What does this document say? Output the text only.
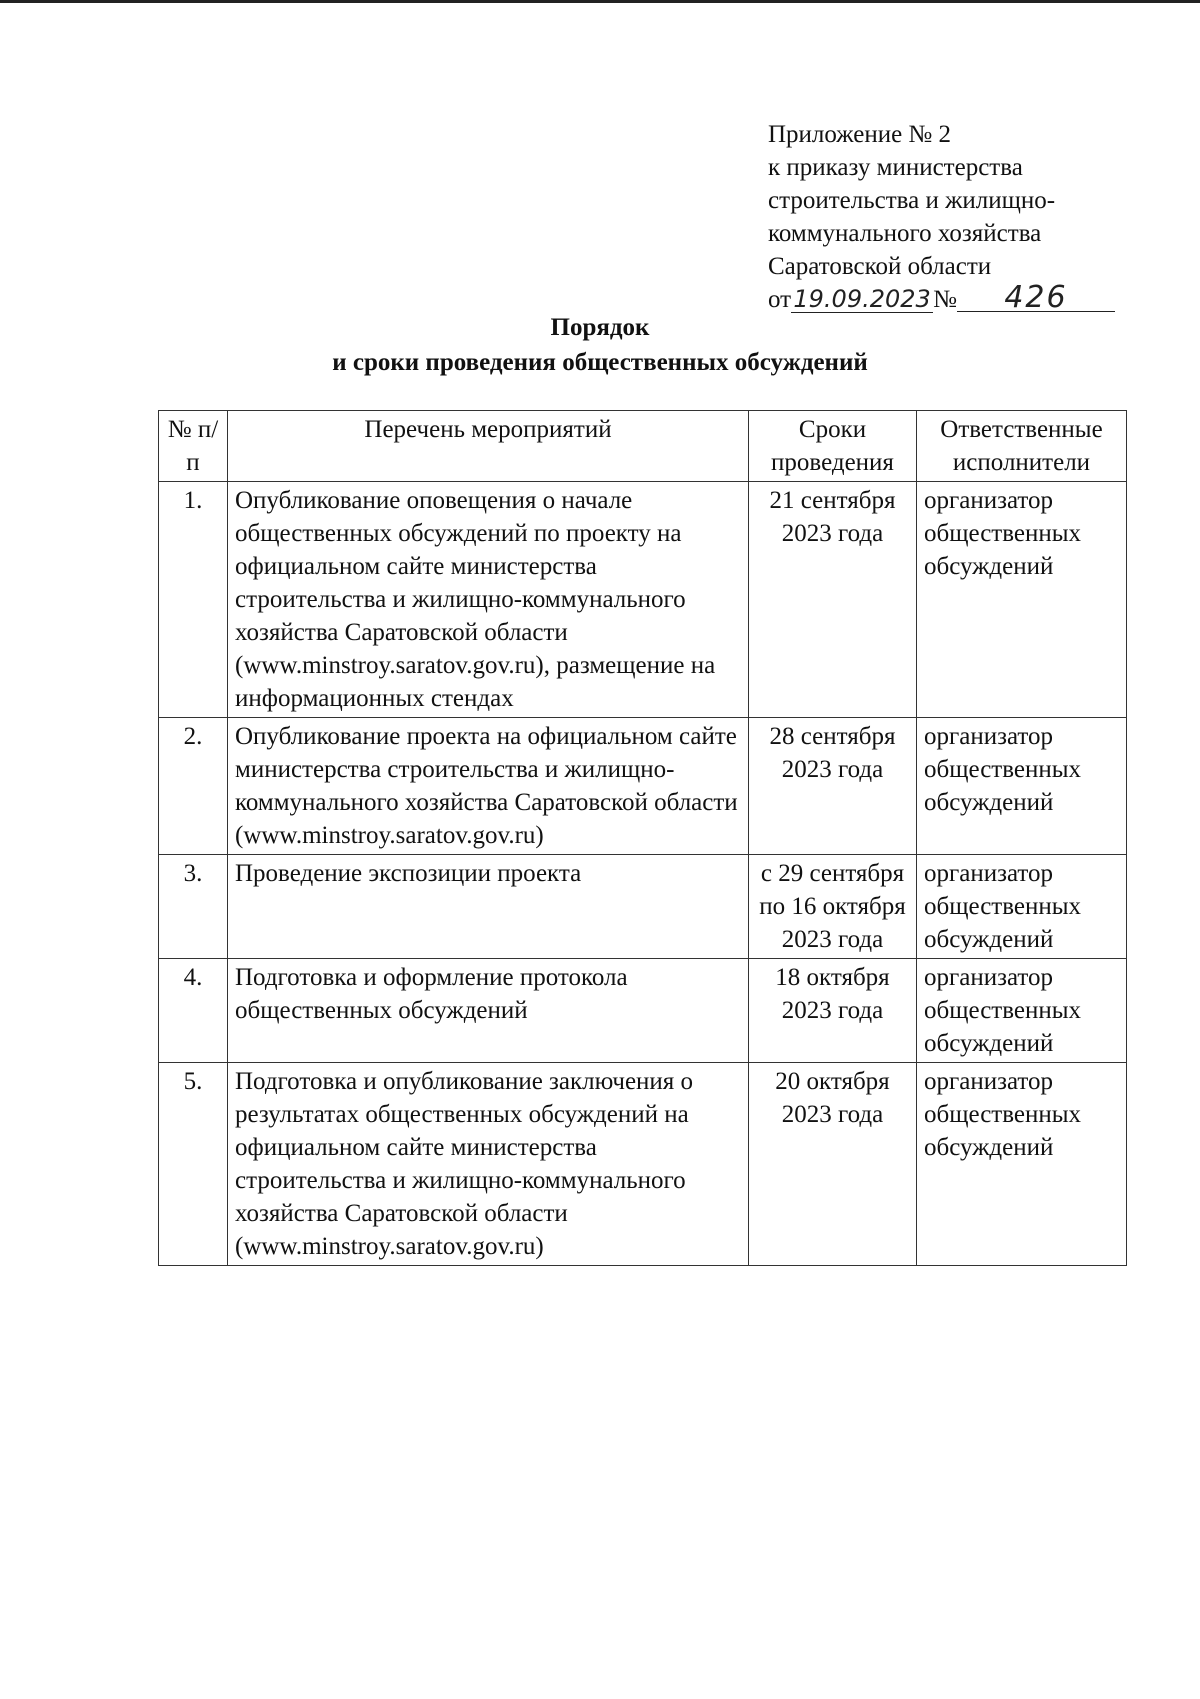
Приложение № 2
к приказу министерства
строительства и жилищно-
коммунального хозяйства
Саратовской области
от19.09.2023№ 426
Порядок
и сроки проведения общественных обсуждений
№ п/п	Перечень мероприятий	Сроки проведения	Ответственные исполнители
1.	Опубликование оповещения о начале общественных обсуждений по проекту на официальном сайте министерства строительства и жилищно-коммунального хозяйства Саратовской области (www.minstroy.saratov.gov.ru), размещение на информационных стендах	21 сентября 2023 года	организатор общественных обсуждений
2.	Опубликование проекта на официальном сайте министерства строительства и жилищно-коммунального хозяйства Саратовской области (www.minstroy.saratov.gov.ru)	28 сентября 2023 года	организатор общественных обсуждений
3.	Проведение экспозиции проекта	с 29 сентября по 16 октября 2023 года	организатор общественных обсуждений
4.	Подготовка и оформление протокола общественных обсуждений	18 октября 2023 года	организатор общественных обсуждений
5.	Подготовка и опубликование заключения о результатах общественных обсуждений на официальном сайте министерства строительства и жилищно-коммунального хозяйства Саратовской области (www.minstroy.saratov.gov.ru)	20 октября 2023 года	организатор общественных обсуждений
